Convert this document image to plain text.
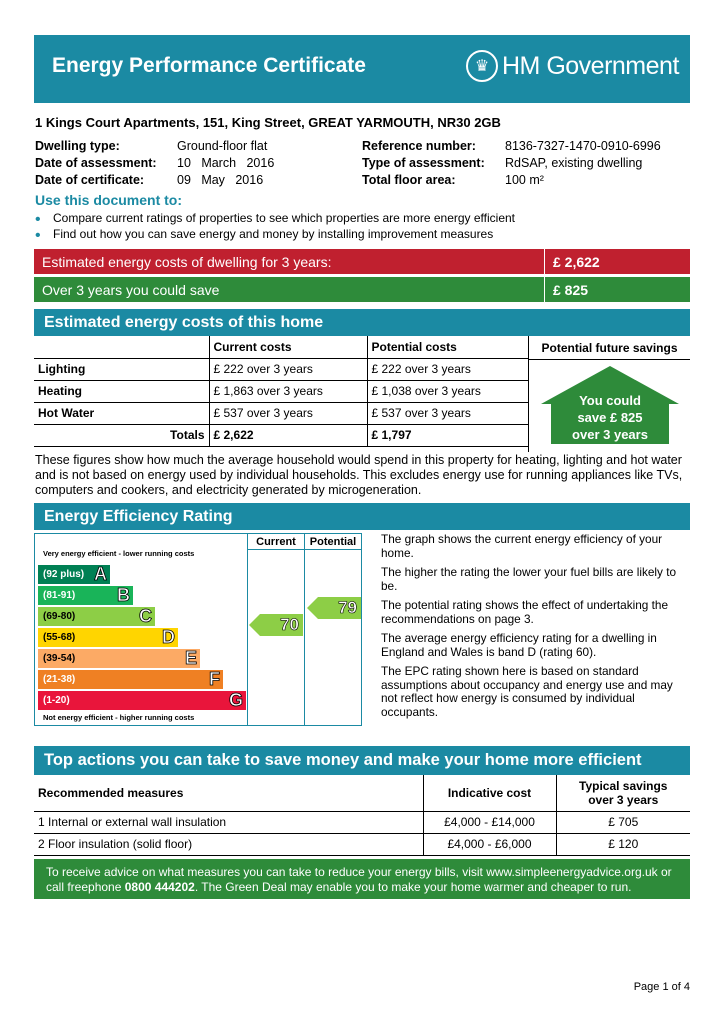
Energy Performance Certificate	♛ HM Government
1 Kings Court Apartments, 151, King Street, GREAT YARMOUTH, NR30 2GB
Dwelling type:	Ground-floor flat
Date of assessment: 10   March   2016
Date of certificate:	09   May   2016
Reference number: 8136-7327-1470-0910-6996
Type of assessment: RdSAP, existing dwelling
Total floor area:	100 m²
Use this document to:
• Compare current ratings of properties to see which properties are more energy efficient
• Find out how you can save energy and money by installing improvement measures
Estimated energy costs of dwelling for 3 years:	£ 2,622
Over 3 years you could save	£ 825
Estimated energy costs of this home
	Current costs	Potential costs
Lighting	£ 222 over 3 years	£ 222 over 3 years
Heating	£ 1,863 over 3 years	£ 1,038 over 3 years
Hot Water	£ 537 over 3 years	£ 537 over 3 years
Totals	£ 2,622	£ 1,797
Potential future savings
You could
save £ 825
over 3 years
These figures show how much the average household would spend in this property for heating, lighting and hot water and is not based on energy used by individual households. This excludes energy use for running appliances like TVs, computers and cookers, and electricity generated by microgeneration.
Energy Efficiency Rating
Very energy efficient - lower running costs
Not energy efficient - higher running costs
Current	Potential
(92 plus) A
(81-91) B
(69-80)	C
(55-68)	D
(39-54)	E
(21-38)	F
(1-20)	G
70
79

The graph shows the current energy efficiency of your home.

The higher the rating the lower your fuel bills are likely to be.

The potential rating shows the effect of undertaking the recommendations on page 3.

The average energy efficiency rating for a dwelling in England and Wales is band D (rating 60).

The EPC rating shown here is based on standard assumptions about occupancy and energy use and may not reflect how energy is consumed by individual occupants.

Top actions you can take to save money and make your home more efficient
Recommended measures	Indicative cost	Typical savings over 3 years
1 Internal or external wall insulation	£4,000 - £14,000	£ 705
2 Floor insulation (solid floor)	£4,000 - £6,000	£ 120
To receive advice on what measures you can take to reduce your energy bills, visit www.simpleenergyadvice.org.uk or
call freephone 0800 444202. The Green Deal may enable you to make your home warmer and cheaper to run.
Page 1 of 4
